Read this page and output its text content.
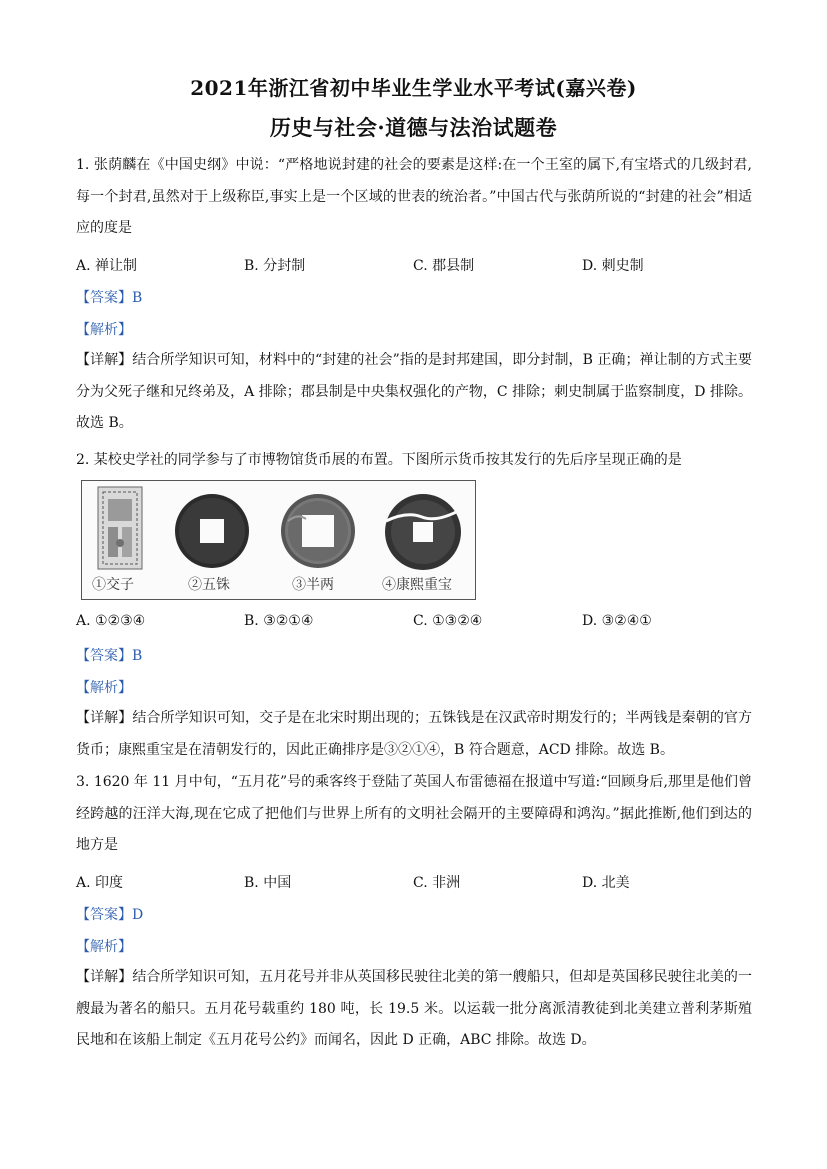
2021年浙江省初中毕业生学业水平考试(嘉兴卷)
历史与社会·道德与法治试题卷
1. 张荫麟在《中国史纲》中说：“严格地说封建的社会的要素是这样:在一个王室的属下,有宝塔式的几级封君,每一个封君,虽然对于上级称臣,事实上是一个区域的世表的统治者。”中国古代与张荫所说的“封建的社会”相适应的度是
A. 禅让制	B. 分封制	C. 郡县制	D. 刺史制
【答案】B
【解析】
【详解】结合所学知识可知，材料中的“封建的社会”指的是封邦建国，即分封制，B 正确；禅让制的方式主要分为父死子继和兄终弟及，A 排除；郡县制是中央集权强化的产物，C 排除；刺史制属于监察制度，D 排除。故选 B。
2. 某校史学社的同学参与了市博物馆货币展的布置。下图所示货币按其发行的先后序呈现正确的是
①交子	②五铢	③半两	④康熙重宝
A. ①②③④	B. ③②①④	C. ①③②④	D. ③②④①
【答案】B
【解析】
【详解】结合所学知识可知，交子是在北宋时期出现的；五铢钱是在汉武帝时期发行的；半两钱是秦朝的官方货币；康熙重宝是在清朝发行的，因此正确排序是③②①④，B 符合题意，ACD 排除。故选 B。
3. 1620 年 11 月中旬，“五月花”号的乘客终于登陆了英国人布雷德福在报道中写道:“回顾身后,那里是他们曾经跨越的汪洋大海,现在它成了把他们与世界上所有的文明社会隔开的主要障碍和鸿沟。”据此推断,他们到达的地方是
A. 印度	B. 中国	C. 非洲	D. 北美
【答案】D
【解析】
【详解】结合所学知识可知，五月花号并非从英国移民驶往北美的第一艘船只，但却是英国移民驶往北美的一艘最为著名的船只。五月花号载重约 180 吨，长 19.5 米。以运载一批分离派清教徒到北美建立普利茅斯殖民地和在该船上制定《五月花号公约》而闻名，因此 D 正确，ABC 排除。故选 D。
